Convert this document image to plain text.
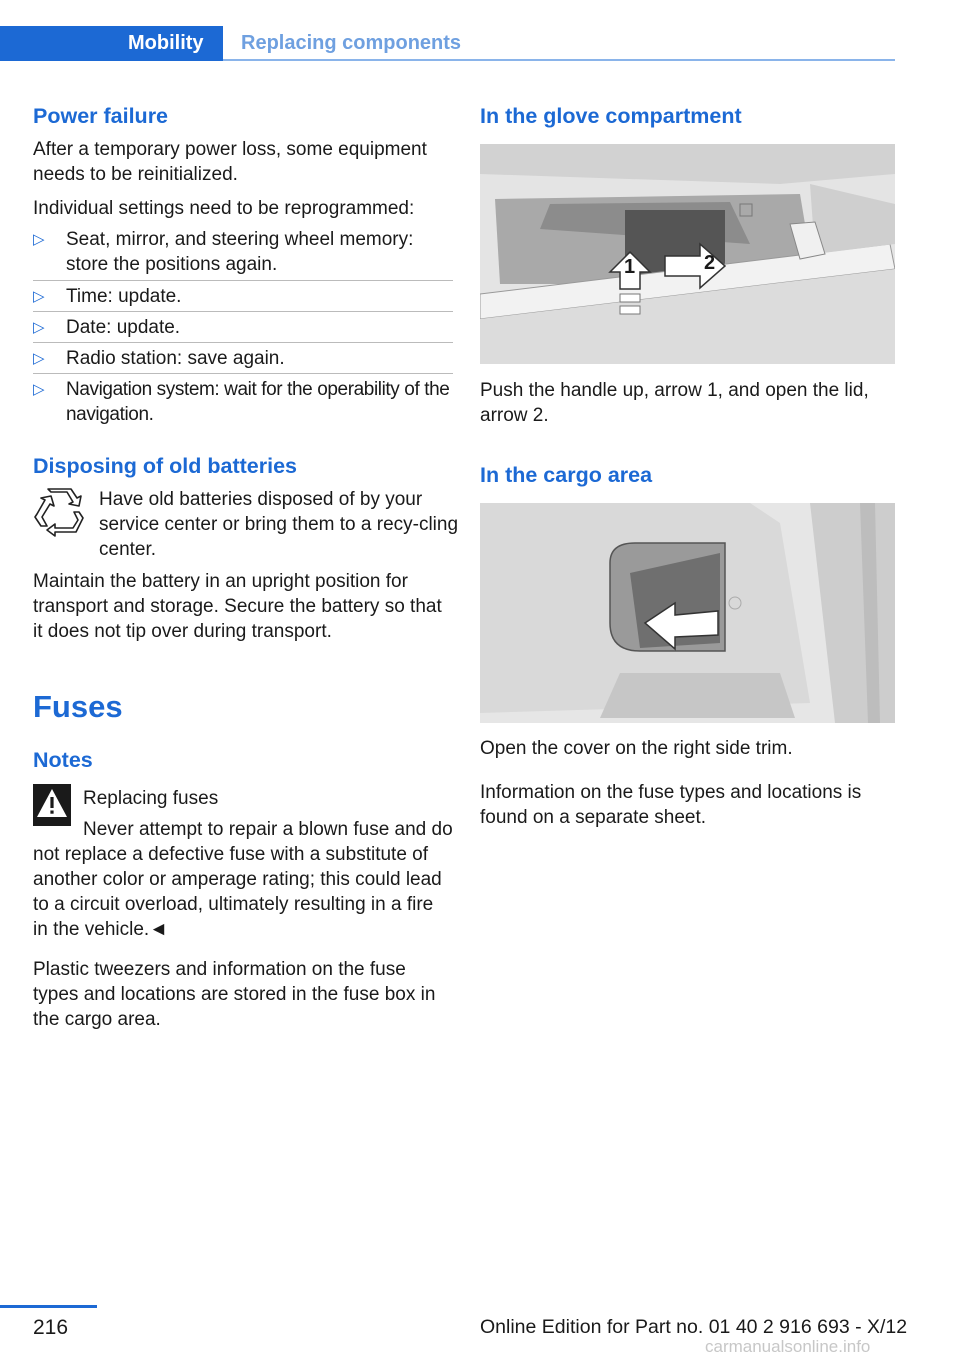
Mobility Replacing components
Power failure

After a temporary power loss, some equipment needs to be reinitialized.

Individual settings need to be reprogrammed:

▷ Seat, mirror, and steering wheel memory: store the positions again.
▷ Time: update.
▷ Date: update.
▷ Radio station: save again.
▷ Navigation system: wait for the operability of the navigation.
Disposing of old batteries

Have old batteries disposed of by your service center or bring them to a recy-cling center.

Maintain the battery in an upright position for transport and storage. Secure the battery so that it does not tip over during transport.

Fuses
Notes
Replacing fuses
Never attempt to repair a blown fuse and do not replace a defective fuse with a substitute of another color or amperage rating; this could lead to a circuit overload, ultimately resulting in a fire in the vehicle.◄

Plastic tweezers and information on the fuse types and locations are stored in the fuse box in the cargo area.

In the glove compartment
1	2

Push the handle up, arrow 1, and open the lid, arrow 2.

In the cargo area

Open the cover on the right side trim.

Information on the fuse types and locations is found on a separate sheet.

216	Online Edition for Part no. 01 40 2 916 693 - X/12
carmanualsonline.info
